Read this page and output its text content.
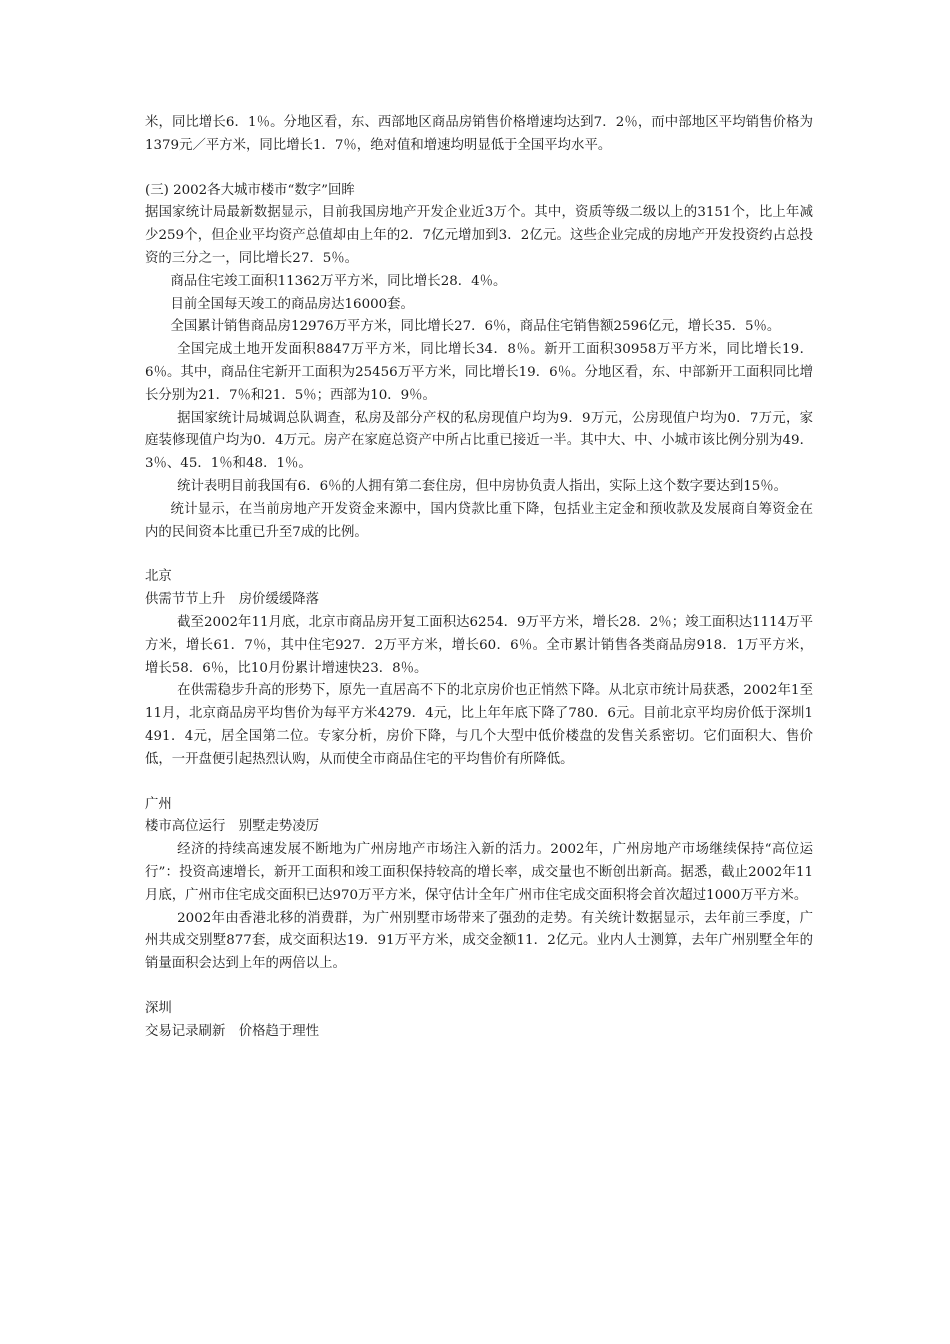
米，同比增长6．1％。分地区看，东、西部地区商品房销售价格增速均达到7．2％，而中部地区平均销售价格为1379元／平方米，同比增长1．7％，绝对值和增速均明显低于全国平均水平。

(三) 2002各大城市楼市“数字”回眸

据国家统计局最新数据显示，目前我国房地产开发企业近3万个。其中，资质等级二级以上的3151个，比上年减少259个，但企业平均资产总值却由上年的2．7亿元增加到3．2亿元。这些企业完成的房地产开发投资约占总投资的三分之一，同比增长27．5％。

商品住宅竣工面积11362万平方米，同比增长28．4％。

目前全国每天竣工的商品房达16000套。

全国累计销售商品房12976万平方米，同比增长27．6％，商品住宅销售额2596亿元，增长35．5％。

全国完成土地开发面积8847万平方米，同比增长34．8％。新开工面积30958万平方米，同比增长19．6％。其中，商品住宅新开工面积为25456万平方米，同比增长19．6％。分地区看，东、中部新开工面积同比增长分别为21．7％和21．5％；西部为10．9％。

据国家统计局城调总队调查，私房及部分产权的私房现值户均为9．9万元，公房现值户均为0．7万元，家庭装修现值户均为0．4万元。房产在家庭总资产中所占比重已接近一半。其中大、中、小城市该比例分别为49．3％、45．1％和48．1％。

统计表明目前我国有6．6％的人拥有第二套住房，但中房协负责人指出，实际上这个数字要达到15％。

统计显示，在当前房地产开发资金来源中，国内贷款比重下降，包括业主定金和预收款及发展商自筹资金在内的民间资本比重已升至7成的比例。

北京

供需节节上升　房价缓缓降落

截至2002年11月底，北京市商品房开复工面积达6254．9万平方米，增长28．2％；竣工面积达1114万平方米，增长61．7％，其中住宅927．2万平方米，增长60．6％。全市累计销售各类商品房918．1万平方米，增长58．6％，比10月份累计增速快23．8％。

在供需稳步升高的形势下，原先一直居高不下的北京房价也正悄然下降。从北京市统计局获悉，2002年1至11月，北京商品房平均售价为每平方米4279．4元，比上年年底下降了780．6元。目前北京平均房价低于深圳1491．4元，居全国第二位。专家分析，房价下降，与几个大型中低价楼盘的发售关系密切。它们面积大、售价低，一开盘便引起热烈认购，从而使全市商品住宅的平均售价有所降低。

广州

楼市高位运行　别墅走势凌厉

经济的持续高速发展不断地为广州房地产市场注入新的活力。2002年，广州房地产市场继续保持“高位运行”：投资高速增长，新开工面积和竣工面积保持较高的增长率，成交量也不断创出新高。据悉，截止2002年11月底，广州市住宅成交面积已达970万平方米，保守估计全年广州市住宅成交面积将会首次超过1000万平方米。

2002年由香港北移的消费群，为广州别墅市场带来了强劲的走势。有关统计数据显示，去年前三季度，广州共成交别墅877套，成交面积达19．91万平方米，成交金额11．2亿元。业内人士测算，去年广州别墅全年的销量面积会达到上年的两倍以上。

深圳

交易记录刷新　价格趋于理性
